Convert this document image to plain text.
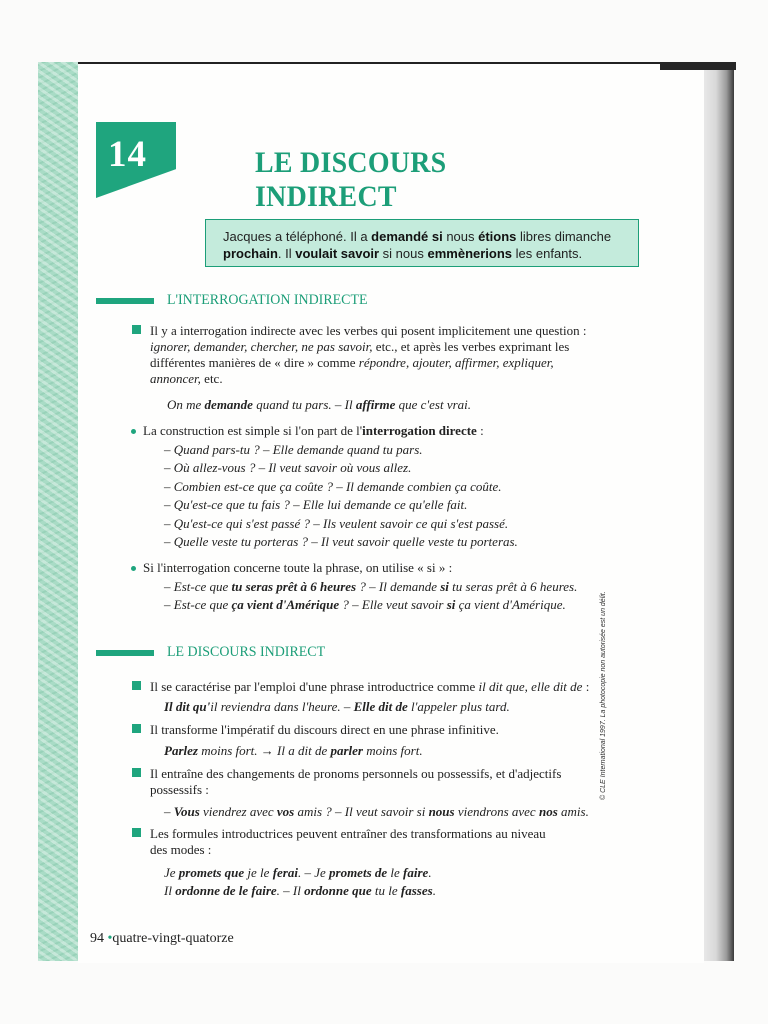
14	LE DISCOURS INDIRECT
Jacques a téléphoné. Il a demandé si nous étions libres dimanche
prochain. Il voulait savoir si nous emmènerions les enfants.
L'INTERROGATION INDIRECTE
Il y a interrogation indirecte avec les verbes qui posent implicitement une question :
ignorer, demander, chercher, ne pas savoir, etc., et après les verbes exprimant les
différentes manières de « dire » comme répondre, ajouter, affirmer, expliquer,
annoncer, etc.
On me demande quand tu pars. – Il affirme que c'est vrai.
La construction est simple si l'on part de l'interrogation directe :
– Quand pars-tu ? – Elle demande quand tu pars.
– Où allez-vous ? – Il veut savoir où vous allez.
– Combien est-ce que ça coûte ? – Il demande combien ça coûte.
– Qu'est-ce que tu fais ? – Elle lui demande ce qu'elle fait.
– Qu'est-ce qui s'est passé ? – Ils veulent savoir ce qui s'est passé.
– Quelle veste tu porteras ? – Il veut savoir quelle veste tu porteras.
Si l'interrogation concerne toute la phrase, on utilise « si » :
– Est-ce que tu seras prêt à 6 heures ? – Il demande si tu seras prêt à 6 heures.
– Est-ce que ça vient d'Amérique ? – Elle veut savoir si ça vient d'Amérique.
LE DISCOURS INDIRECT
Il se caractérise par l'emploi d'une phrase introductrice comme il dit que, elle dit de :
Il dit qu'il reviendra dans l'heure. – Elle dit de l'appeler plus tard.
Il transforme l'impératif du discours direct en une phrase infinitive.
Parlez moins fort. → Il a dit de parler moins fort.
Il entraîne des changements de pronoms personnels ou possessifs, et d'adjectifs
possessifs :
– Vous viendrez avec vos amis ? – Il veut savoir si nous viendrons avec nos amis.
Les formules introductrices peuvent entraîner des transformations au niveau
des modes :
Je promets que je le ferai. – Je promets de le faire.
Il ordonne de le faire. – Il ordonne que tu le fasses.
94 •quatre-vingt-quatorze
© CLE International 1997. La photocopie non autorisée est un délit.
